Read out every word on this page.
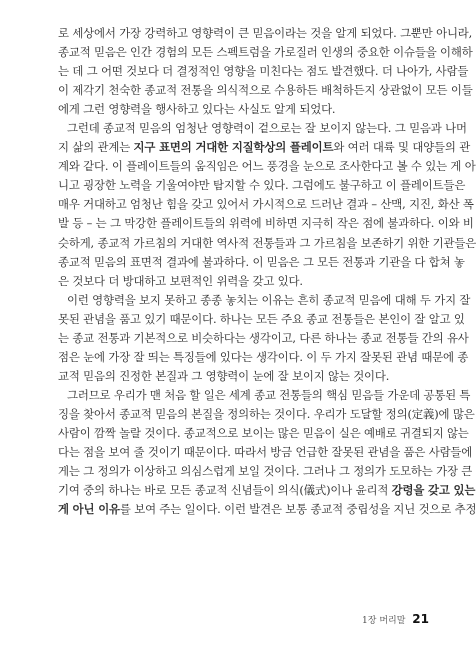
로 세상에서 가장 강력하고 영향력이 큰 믿음이라는 것을 알게 되었다. 그뿐만 아니라,
종교적 믿음은 인간 경험의 모든 스펙트럼을 가로질러 인생의 중요한 이슈들을 이해하
는 데 그 어떤 것보다 더 결정적인 영향을 미친다는 점도 발견했다. 더 나아가, 사람들
이 제각기 천숙한 종교적 전통을 의식적으로 수용하든 배척하든지 상관없이 모든 이들
에게 그런 영향력을 행사하고 있다는 사실도 알게 되었다.
그런데 종교적 믿음의 엄청난 영향력이 겉으로는 잘 보이지 않는다. 그 믿음과 나머
지 삶의 관계는 지구 표면의 거대한 지질학상의 플레이트와 여러 대륙 및 대양들의 관
계와 같다. 이 플레이트들의 움직임은 어느 풍경을 눈으로 조사한다고 볼 수 있는 게 아
니고 굉장한 노력을 기울여야만 탐지할 수 있다. 그럼에도 불구하고 이 플레이트들은
매우 거대하고 엄청난 힘을 갖고 있어서 가시적으로 드러난 결과 – 산맥, 지진, 화산 폭
발 등 – 는 그 막강한 플레이트들의 위력에 비하면 지극히 작은 점에 불과하다. 이와 비
슷하게, 종교적 가르침의 거대한 역사적 전통들과 그 가르침을 보존하기 위한 기관들은
종교적 믿음의 표면적 결과에 불과하다. 이 믿음은 그 모든 전통과 기관을 다 합쳐 놓
은 것보다 더 방대하고 보편적인 위력을 갖고 있다.
이런 영향력을 보지 못하고 종종 놓치는 이유는 흔히 종교적 믿음에 대해 두 가지 잘
못된 관념을 품고 있기 때문이다. 하나는 모든 주요 종교 전통들은 본인이 잘 알고 있
는 종교 전통과 기본적으로 비슷하다는 생각이고, 다른 하나는 종교 전통들 간의 유사
점은 눈에 가장 잘 띄는 특징들에 있다는 생각이다. 이 두 가지 잘못된 관념 때문에 종
교적 믿음의 진정한 본질과 그 영향력이 눈에 잘 보이지 않는 것이다.
그러므로 우리가 맨 처음 할 일은 세계 종교 전통들의 핵심 믿음들 가운데 공통된 특
징을 찾아서 종교적 믿음의 본질을 정의하는 것이다. 우리가 도달할 정의(定義)에 많은
사람이 깜짝 놀랄 것이다. 종교적으로 보이는 많은 믿음이 실은 예배로 귀결되지 않는
다는 점을 보여 줄 것이기 때문이다. 따라서 방금 언급한 잘못된 관념을 품은 사람들에
게는 그 정의가 이상하고 의심스럽게 보일 것이다. 그러나 그 정의가 도모하는 가장 큰
기여 중의 하나는 바로 모든 종교적 신념들이 의식(儀式)이나 윤리적 강령을 갖고 있는
게 아닌 이유를 보여 주는 일이다. 이런 발견은 보통 종교적 중립성을 지닌 것으로 추정
1장 머리말 21
